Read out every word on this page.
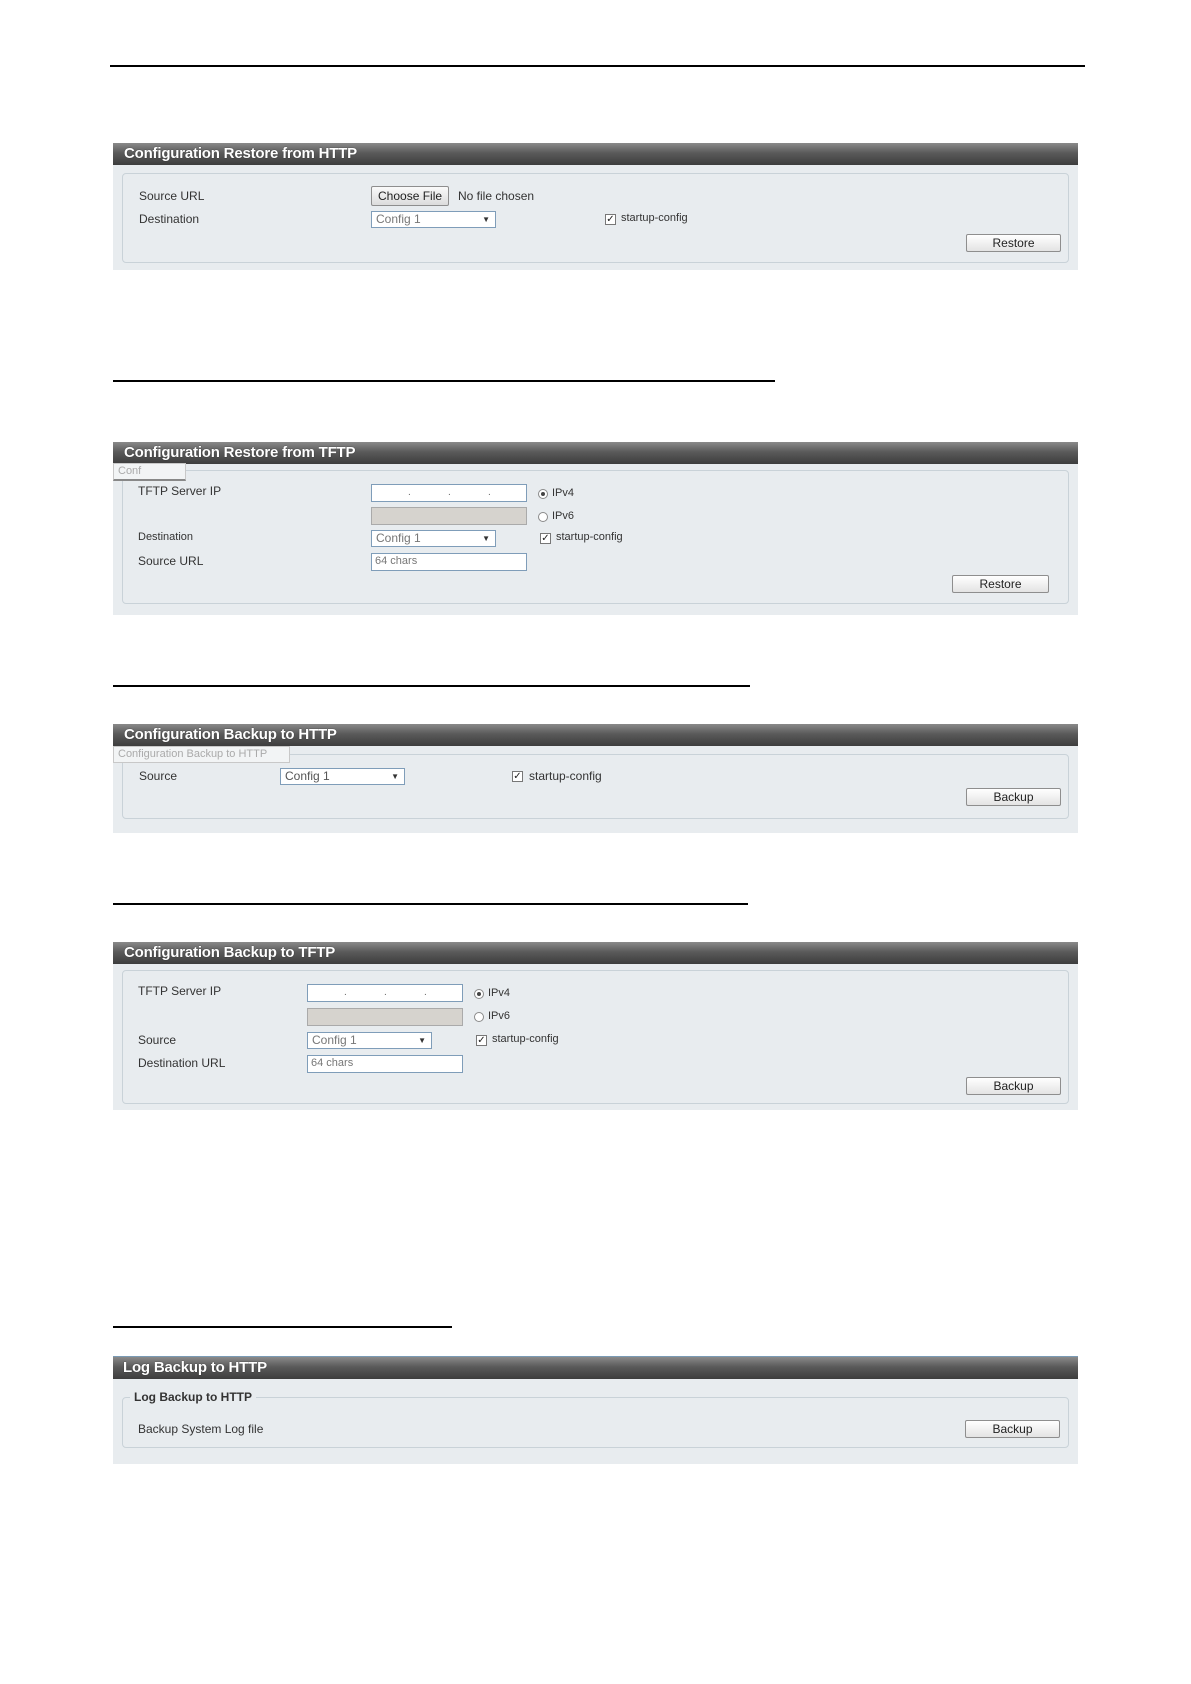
Configuration Restore from HTTP
Source URL	Choose File	No file chosen
Destination	Config 1	▼	✓ startup-config
Restore
Configuration Restore from TFTP
TFTP Server IP	.	.	.	IPv4
IPv6
Destination	Config 1	▼	✓ startup-config
Source URL	64 chars
Restore
Conf
Configuration Backup to HTTP
Source	Config 1	▼	✓ startup-config
Backup
Configuration Backup to HTTP
Configuration Backup to TFTP
TFTP Server IP	.	.	.	IPv4
IPv6
Source	Config 1	▼	✓ startup-config
Destination URL	64 chars
Backup
Log Backup to HTTP
Log Backup to HTTP
Backup System Log file	Backup
